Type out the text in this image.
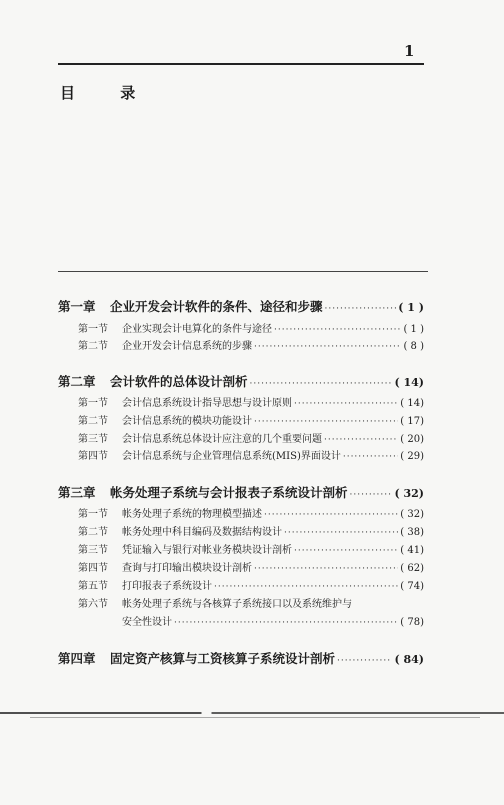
1
目 录
第一章	企业开发会计软件的条件、途径和步骤 ·····	( 1 )
第一节	企业实现会计电算化的条件与途径 ·····	( 1 )
第二节	企业开发会计信息系统的步骤 ·····	( 8 )
第二章	会计软件的总体设计剖析 ·····	( 14)
第一节	会计信息系统设计指导思想与设计原则 ·····	( 14)
第二节	会计信息系统的模块功能设计 ·····	( 17)
第三节	会计信息系统总体设计应注意的几个重要问题 ·····	( 20)
第四节	会计信息系统与企业管理信息系统(MIS)界面设计 ·····	( 29)
第三章	帐务处理子系统与会计报表子系统设计剖析 ·····	( 32)
第一节	帐务处理子系统的物理模型描述 ·····	( 32)
第二节	帐务处理中科目编码及数据结构设计 ·····	( 38)
第三节	凭证输入与银行对帐业务模块设计剖析 ·····	( 41)
第四节	查询与打印输出模块设计剖析 ·····	( 62)
第五节	打印报表子系统设计 ·····	( 74)
第六节	帐务处理子系统与各核算子系统接口以及系统维护与
安全性设计 ·····	( 78)
第四章	固定资产核算与工资核算子系统设计剖析 ·····	( 84)
